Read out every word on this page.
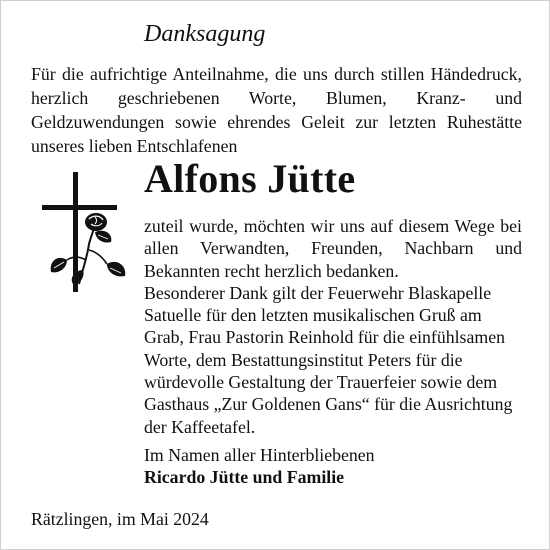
Danksagung
Für die aufrichtige Anteilnahme, die uns durch stillen Händedruck, herzlich geschriebenen Worte, Blumen, Kranz- und Geldzuwendungen sowie ehrendes Geleit zur letzten Ruhestätte unseres lieben Entschlafenen
Alfons Jütte

zuteil wurde, möchten wir uns auf diesem Wege bei allen Verwandten, Freunden, Nachbarn und Bekannten recht herzlich bedanken.

Besonderer Dank gilt der Feuerwehr Blaskapelle Satuelle für den letzten musikalischen Gruß am Grab, Frau Pastorin Reinhold für die einfühlsamen Worte, dem Bestattungsinstitut Peters für die würdevolle Gestaltung der Trauerfeier sowie dem Gasthaus „Zur Goldenen Gans“ für die Ausrichtung der Kaffeetafel.

Im Namen aller Hinterbliebenen
Ricardo Jütte und Familie
Rätzlingen, im Mai 2024
